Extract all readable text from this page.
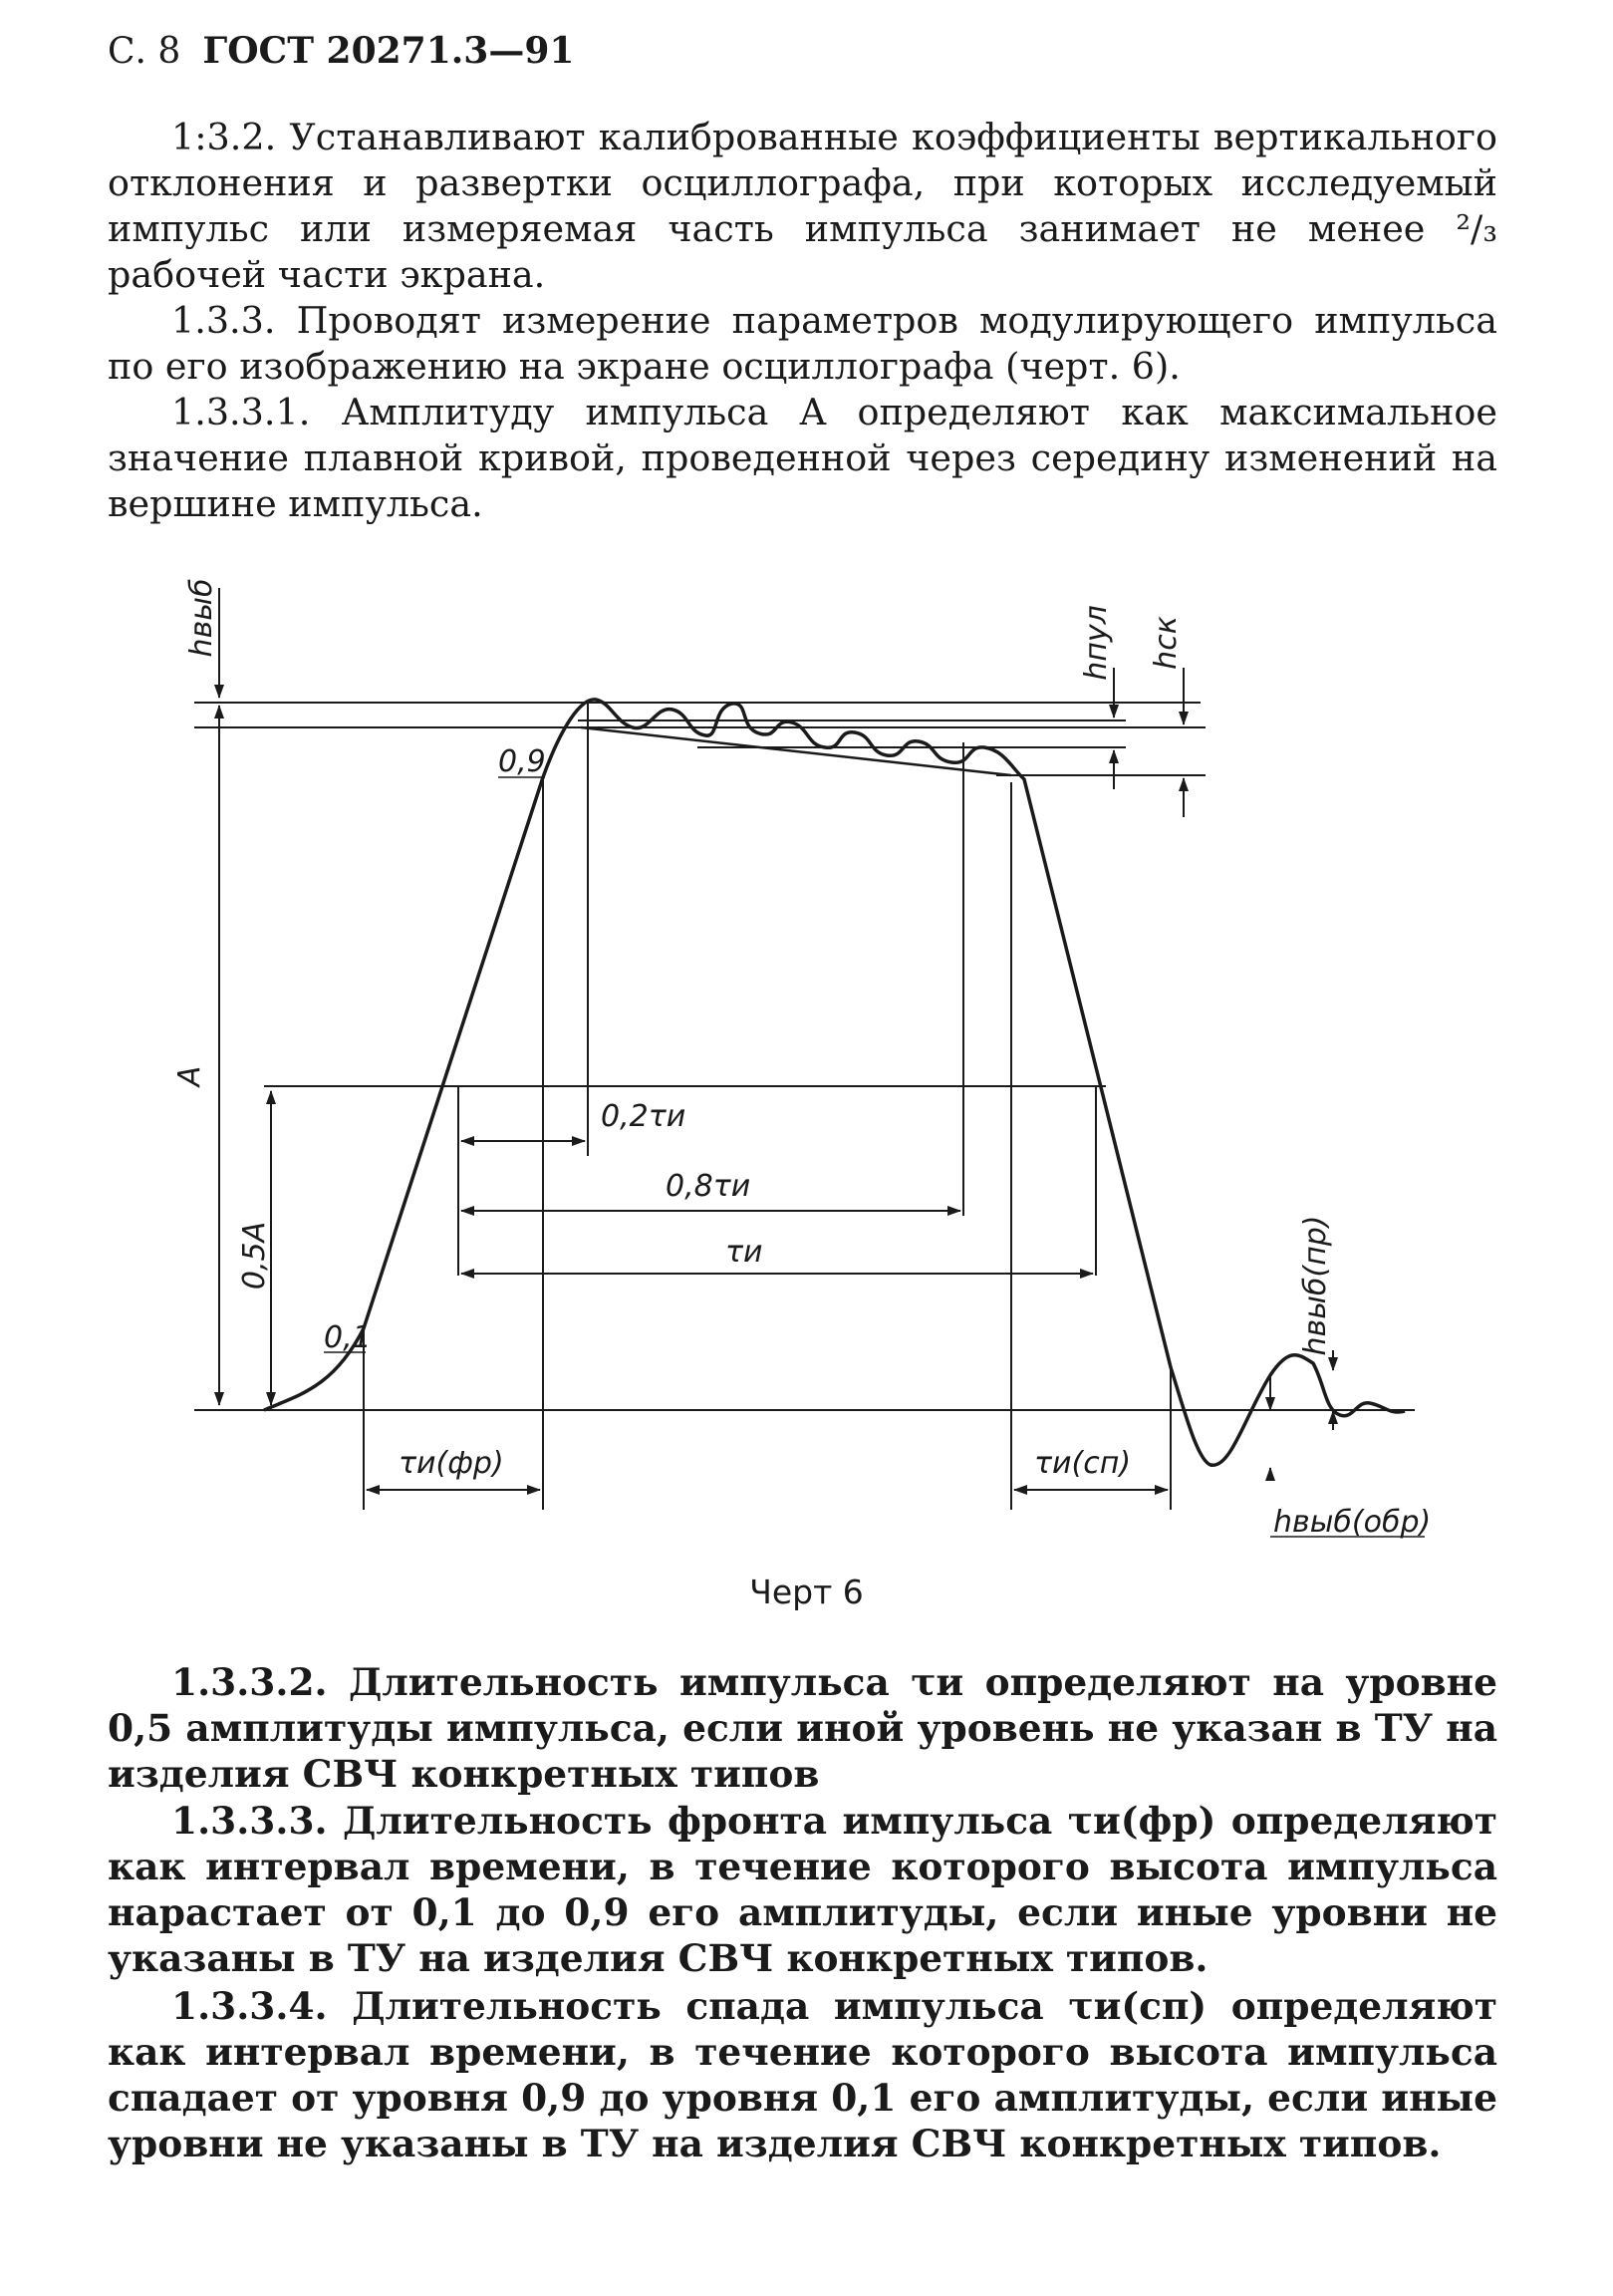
С. 8 ГОСТ 20271.3—91

1:3.2. Устанавливают калиброванные коэффициенты вертикального отклонения и развертки осциллографа, при которых исследуемый импульс или измеряемая часть импульса занимает не менее ²/₃ рабочей части экрана.

1.3.3. Проводят измерение параметров модулирующего импульса по его изображению на экране осциллографа (черт. 6).

1.3.3.1. Амплитуду импульса A определяют как максимальное значение плавной кривой, проведенной через середину изменений на вершине импульса.

hвыб
A
0,5A
hпул hск
hвыб(пр)
0,9
0,1
0,2τи
0,8τи
τи
τи(фр)	τи(сп)
hвыб(обр)
Черт 6

1.3.3.2. Длительность импульса τи определяют на уровне 0,5 амплитуды импульса, если иной уровень не указан в ТУ на изделия СВЧ конкретных типов

1.3.3.3. Длительность фронта импульса τи(фр) определяют как интервал времени, в течение которого высота импульса нарастает от 0,1 до 0,9 его амплитуды, если иные уровни не указаны в ТУ на изделия СВЧ конкретных типов.

1.3.3.4. Длительность спада импульса τи(сп) определяют как интервал времени, в течение которого высота импульса спадает от уровня 0,9 до уровня 0,1 его амплитуды, если иные уровни не указаны в ТУ на изделия СВЧ конкретных типов.
